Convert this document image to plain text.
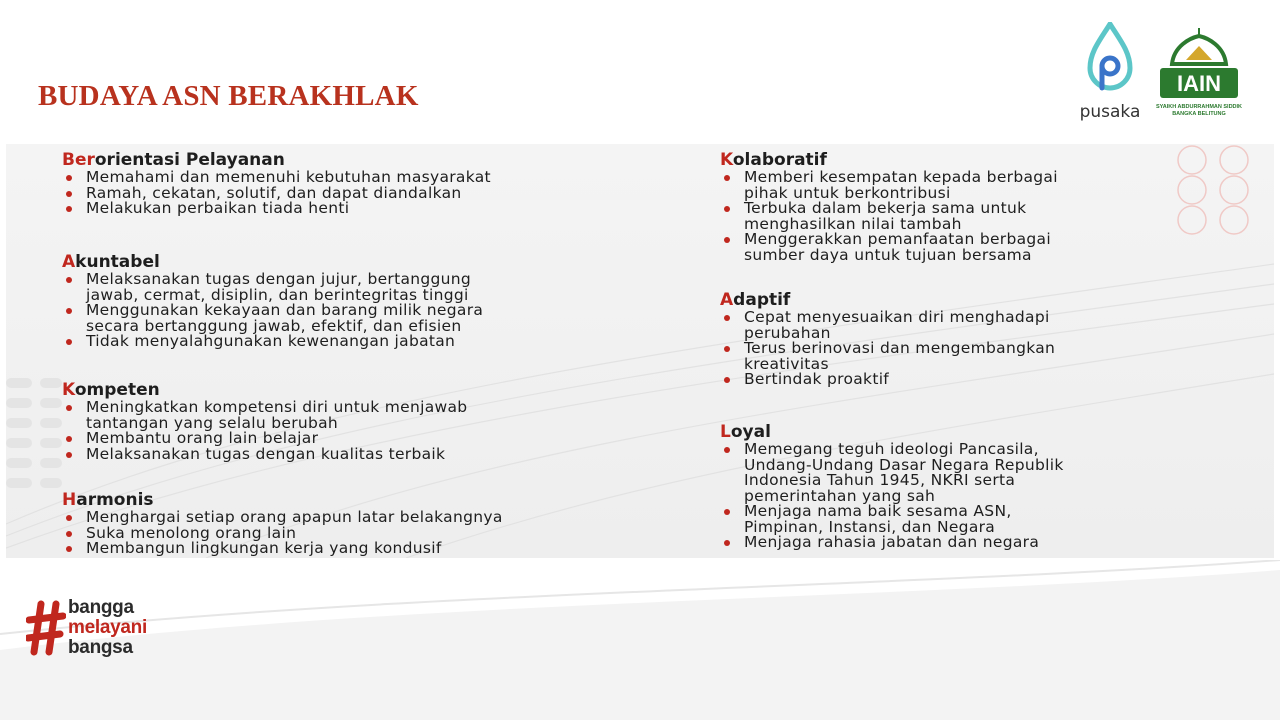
BUDAYA ASN BERAKHLAK	pusaka
IAIN
SYAIKH ABDURRAHMAN SIDDIK
BANGKA BELITUNG
Berorientasi Pelayanan
Memahami dan memenuhi kebutuhan masyarakat
Ramah, cekatan, solutif, dan dapat diandalkan
Melakukan perbaikan tiada henti
Akuntabel
Melaksanakan tugas dengan jujur, bertanggung
jawab, cermat, disiplin, dan berintegritas tinggi
Menggunakan kekayaan dan barang milik negara
secara bertanggung jawab, efektif, dan efisien
Tidak menyalahgunakan kewenangan jabatan
Kompeten
Meningkatkan kompetensi diri untuk menjawab
tantangan yang selalu berubah
Membantu orang lain belajar
Melaksanakan tugas dengan kualitas terbaik
Harmonis
Menghargai setiap orang apapun latar belakangnya
Suka menolong orang lain
Membangun lingkungan kerja yang kondusif
Kolaboratif
Memberi kesempatan kepada berbagai
pihak untuk berkontribusi
Terbuka dalam bekerja sama untuk
menghasilkan nilai tambah
Menggerakkan pemanfaatan berbagai
sumber daya untuk tujuan bersama
Adaptif
Cepat menyesuaikan diri menghadapi
perubahan
Terus berinovasi dan mengembangkan
kreativitas
Bertindak proaktif
Loyal
Memegang teguh ideologi Pancasila,
Undang-Undang Dasar Negara Republik
Indonesia Tahun 1945, NKRI serta
pemerintahan yang sah
Menjaga nama baik sesama ASN,
Pimpinan, Instansi, dan Negara
Menjaga rahasia jabatan dan negara
bangga
melayani
bangsa
